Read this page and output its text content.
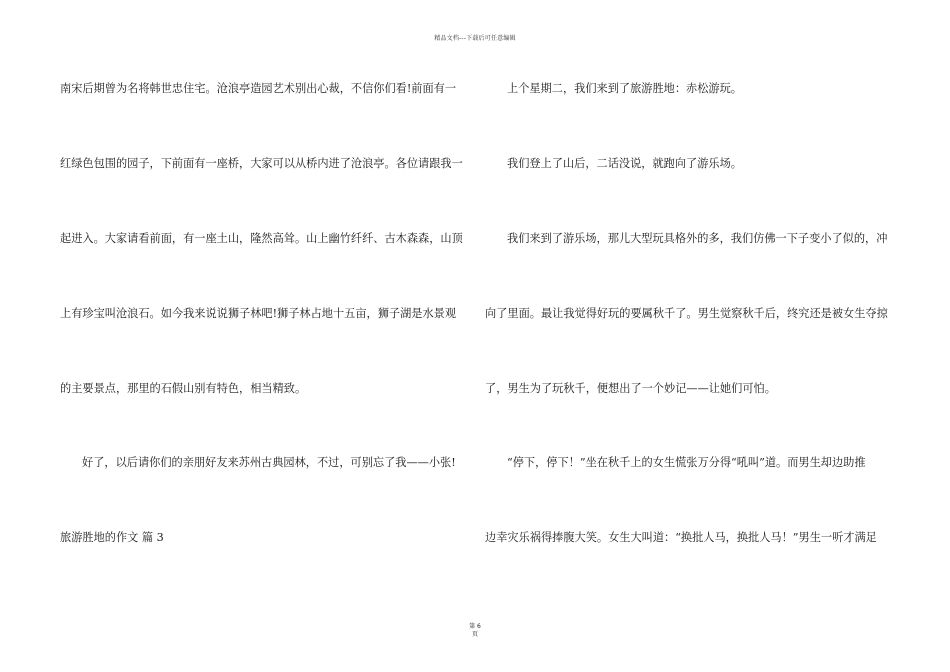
精品文档---下载后可任意编辑
南宋后期曾为名将韩世忠住宅。沧浪亭造园艺术别出心裁，不信你们看!前面有一
红绿色包围的园子，下前面有一座桥，大家可以从桥内进了沧浪亭。各位请跟我一
起进入。大家请看前面，有一座土山，隆然高耸。山上幽竹纤纤、古木森森，山顶
上有珍宝叫沧浪石。如今我来说说狮子林吧!狮子林占地十五亩，狮子湖是水景观
的主要景点，那里的石假山别有特色，相当精致。
好了，以后请你们的亲朋好友来苏州古典园林，不过，可别忘了我——小张!
旅游胜地的作文 篇 3
上个星期二，我们来到了旅游胜地：赤松游玩。
我们登上了山后，二话没说，就跑向了游乐场。
我们来到了游乐场，那儿大型玩具格外的多，我们仿佛一下子变小了似的，冲
向了里面。最让我觉得好玩的要属秋千了。男生觉察秋千后，终究还是被女生夺掠
了，男生为了玩秋千，便想出了一个妙记——让她们可怕。
“停下，停下！”坐在秋千上的女生慌张万分得“吼叫”道。而男生却边助推
边幸灾乐祸得捧腹大笑。女生大叫道：“换批人马，换批人马！”男生一听才满足
第 6
页
